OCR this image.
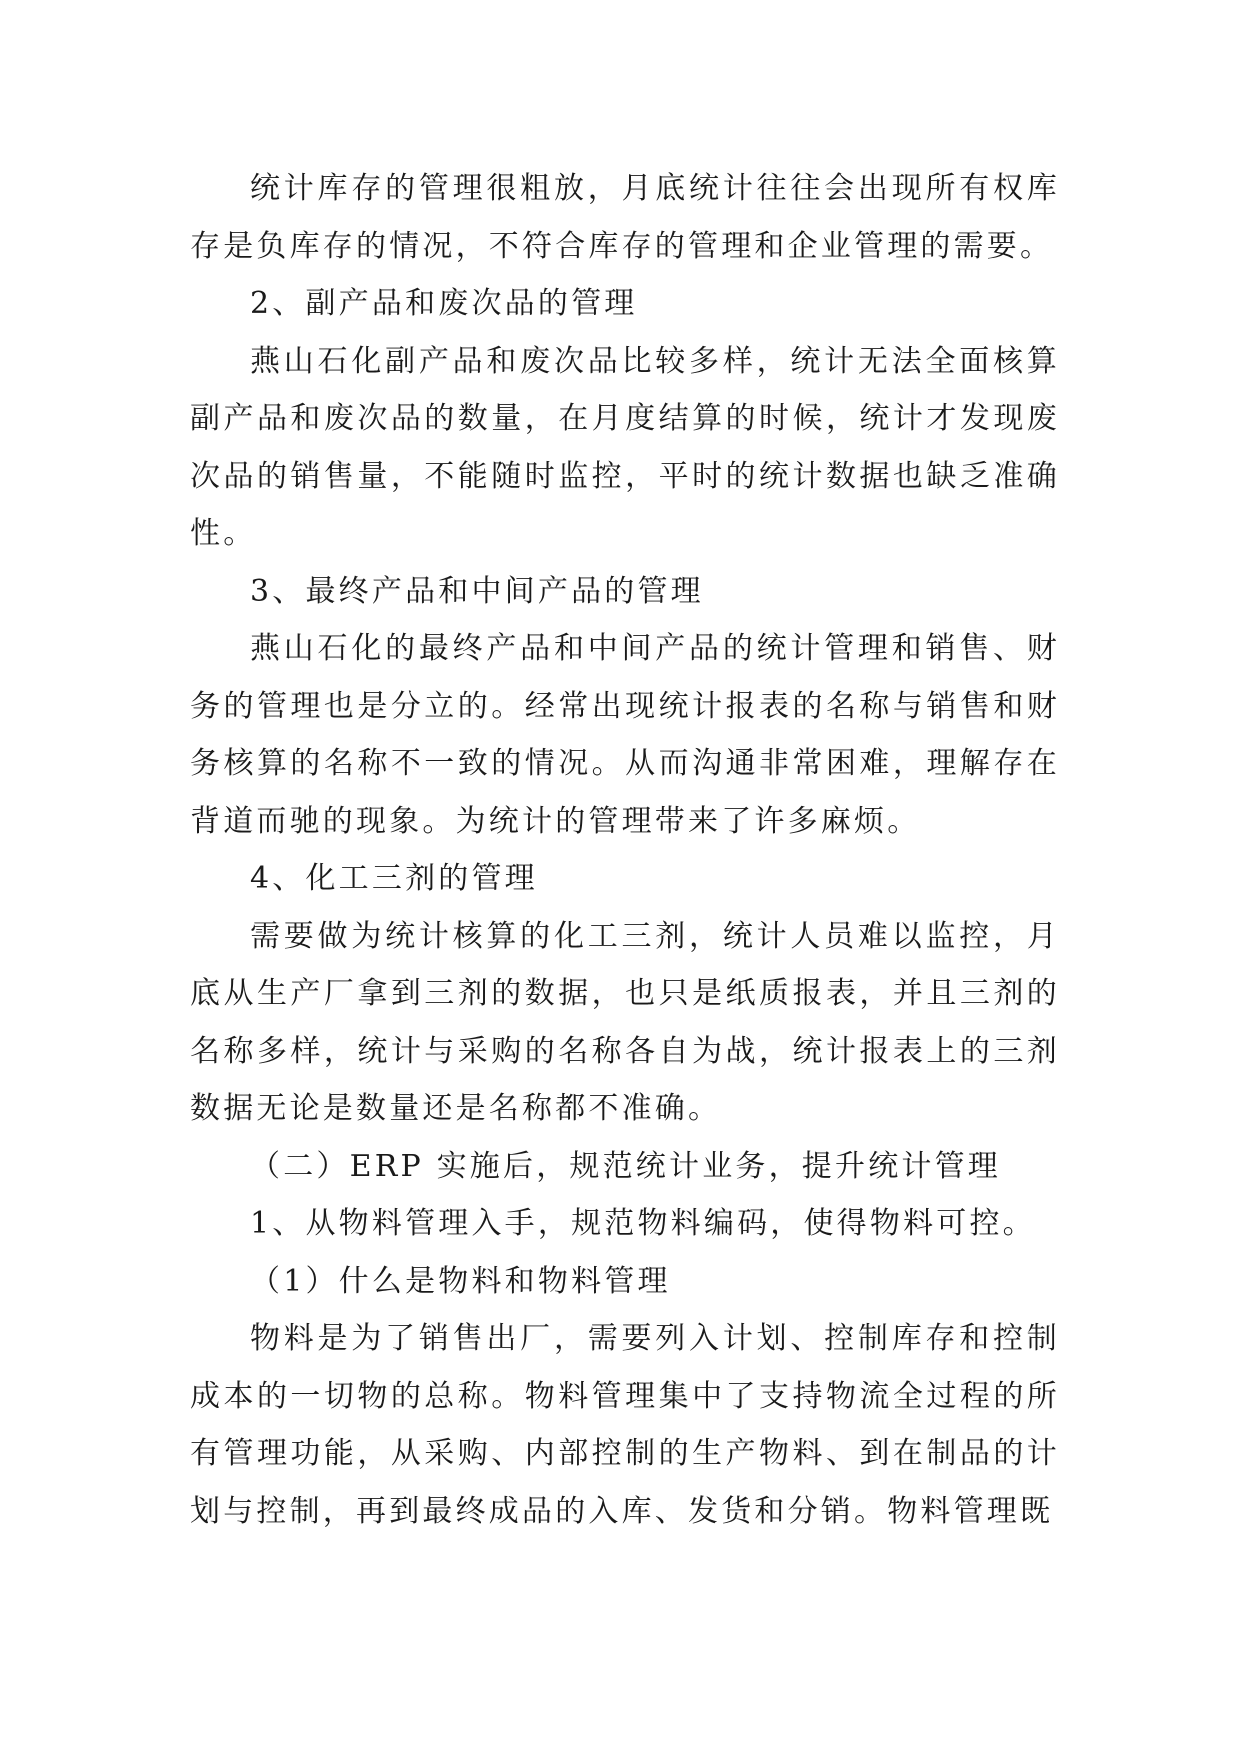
统计库存的管理很粗放，月底统计往往会出现所有权库存是负库存的情况，不符合库存的管理和企业管理的需要。

2、副产品和废次品的管理

燕山石化副产品和废次品比较多样，统计无法全面核算副产品和废次品的数量，在月度结算的时候，统计才发现废次品的销售量，不能随时监控，平时的统计数据也缺乏准确性。

3、最终产品和中间产品的管理

燕山石化的最终产品和中间产品的统计管理和销售、财务的管理也是分立的。经常出现统计报表的名称与销售和财务核算的名称不一致的情况。从而沟通非常困难，理解存在背道而驰的现象。为统计的管理带来了许多麻烦。

4、化工三剂的管理

需要做为统计核算的化工三剂，统计人员难以监控，月底从生产厂拿到三剂的数据，也只是纸质报表，并且三剂的名称多样，统计与采购的名称各自为战，统计报表上的三剂数据无论是数量还是名称都不准确。

（二）ERP 实施后，规范统计业务，提升统计管理

1、从物料管理入手，规范物料编码，使得物料可控。

（1）什么是物料和物料管理

物料是为了销售出厂，需要列入计划、控制库存和控制成本的一切物的总称。物料管理集中了支持物流全过程的所有管理功能，从采购、内部控制的生产物料、到在制品的计划与控制，再到最终成品的入库、发货和分销。物料管理既
